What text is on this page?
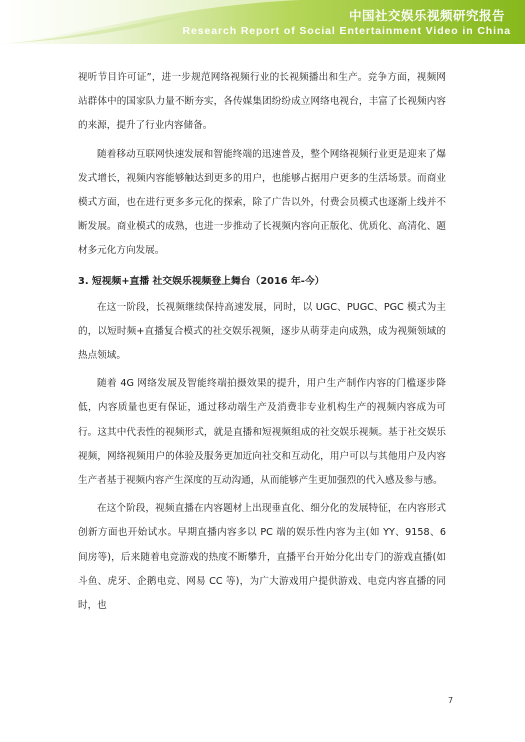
中国社交娱乐视频研究报告
Research Report of Social Entertainment Video in China

视听节目许可证”，进一步规范网络视频行业的长视频播出和生产。竞争方面，视频网站群体中的国家队力量不断夯实，各传媒集团纷纷成立网络电视台，丰富了长视频内容的来源，提升了行业内容储备。

随着移动互联网快速发展和智能终端的迅速普及，整个网络视频行业更是迎来了爆发式增长，视频内容能够触达到更多的用户，也能够占据用户更多的生活场景。而商业模式方面，也在进行更多多元化的探索，除了广告以外，付费会员模式也逐渐上线并不断发展。商业模式的成熟，也进一步推动了长视频内容向正版化、优质化、高清化、题材多元化方向发展。

3. 短视频+直播 社交娱乐视频登上舞台（2016 年-今）

在这一阶段，长视频继续保持高速发展，同时，以 UGC、PUGC、PGC 模式为主的，以短时频+直播复合模式的社交娱乐视频，逐步从萌芽走向成熟，成为视频领域的热点领域。

随着 4G 网络发展及智能终端拍摄效果的提升，用户生产制作内容的门槛逐步降低，内容质量也更有保证，通过移动端生产及消费非专业机构生产的视频内容成为可行。这其中代表性的视频形式，就是直播和短视频组成的社交娱乐视频。基于社交娱乐视频，网络视频用户的体验及服务更加近向社交和互动化，用户可以与其他用户及内容生产者基于视频内容产生深度的互动沟通，从而能够产生更加强烈的代入感及参与感。

在这个阶段，视频直播在内容题材上出现垂直化、细分化的发展特征，在内容形式创新方面也开始试水。早期直播内容多以 PC 端的娱乐性内容为主(如 YY、9158、6 间房等)，后来随着电竞游戏的热度不断攀升，直播平台开始分化出专门的游戏直播(如斗鱼、虎牙、企鹅电竞、网易 CC 等)，为广大游戏用户提供游戏、电竞内容直播的同时，也

7
